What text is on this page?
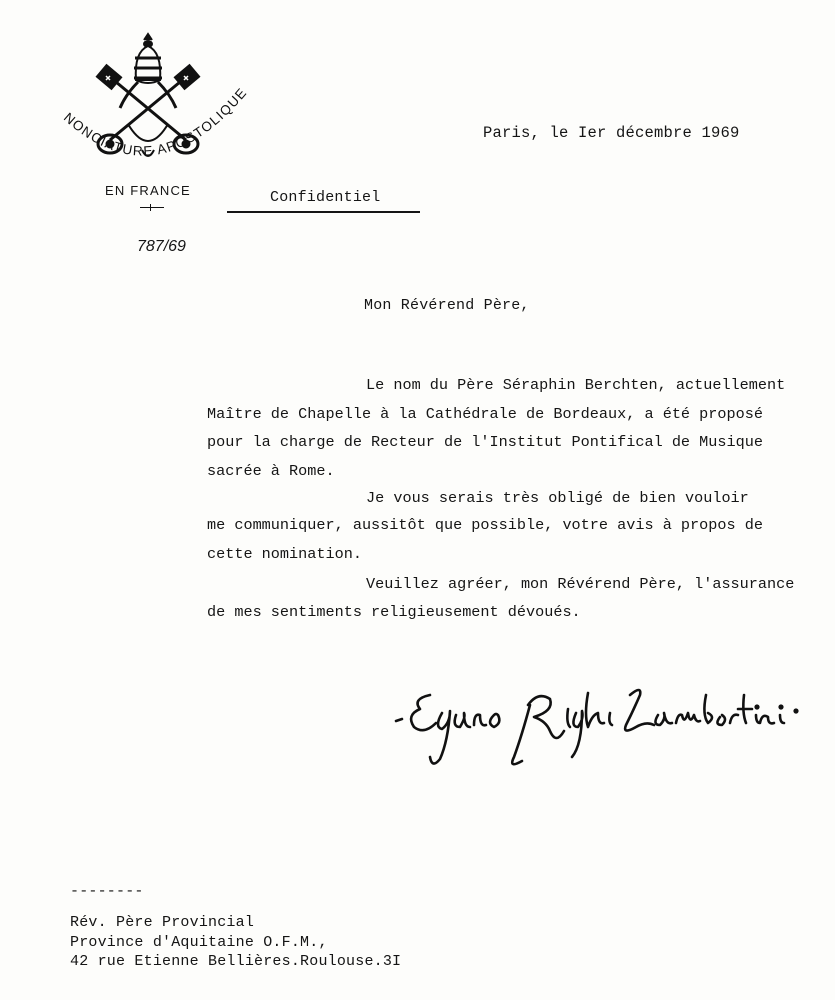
NONCIATURE APOSTOLIQUE
EN FRANCE
787/69
Paris, le Ier décembre 1969
Confidentiel
Mon Révérend Père,
Le nom du Père Séraphin Berchten, actuellement
Maître de Chapelle à la Cathédrale de Bordeaux, a été proposé
pour la charge de Recteur de l'Institut Pontifical de Musique
sacrée à Rome.
Je vous serais très obligé de bien vouloir
me communiquer, aussitôt que possible, votre avis à propos de
cette nomination.
Veuillez agréer, mon Révérend Père, l'assurance
de mes sentiments religieusement dévoués.
--------
Rév. Père Provincial
Province d'Aquitaine O.F.M.,
42 rue Etienne Bellières.Roulouse.3I
